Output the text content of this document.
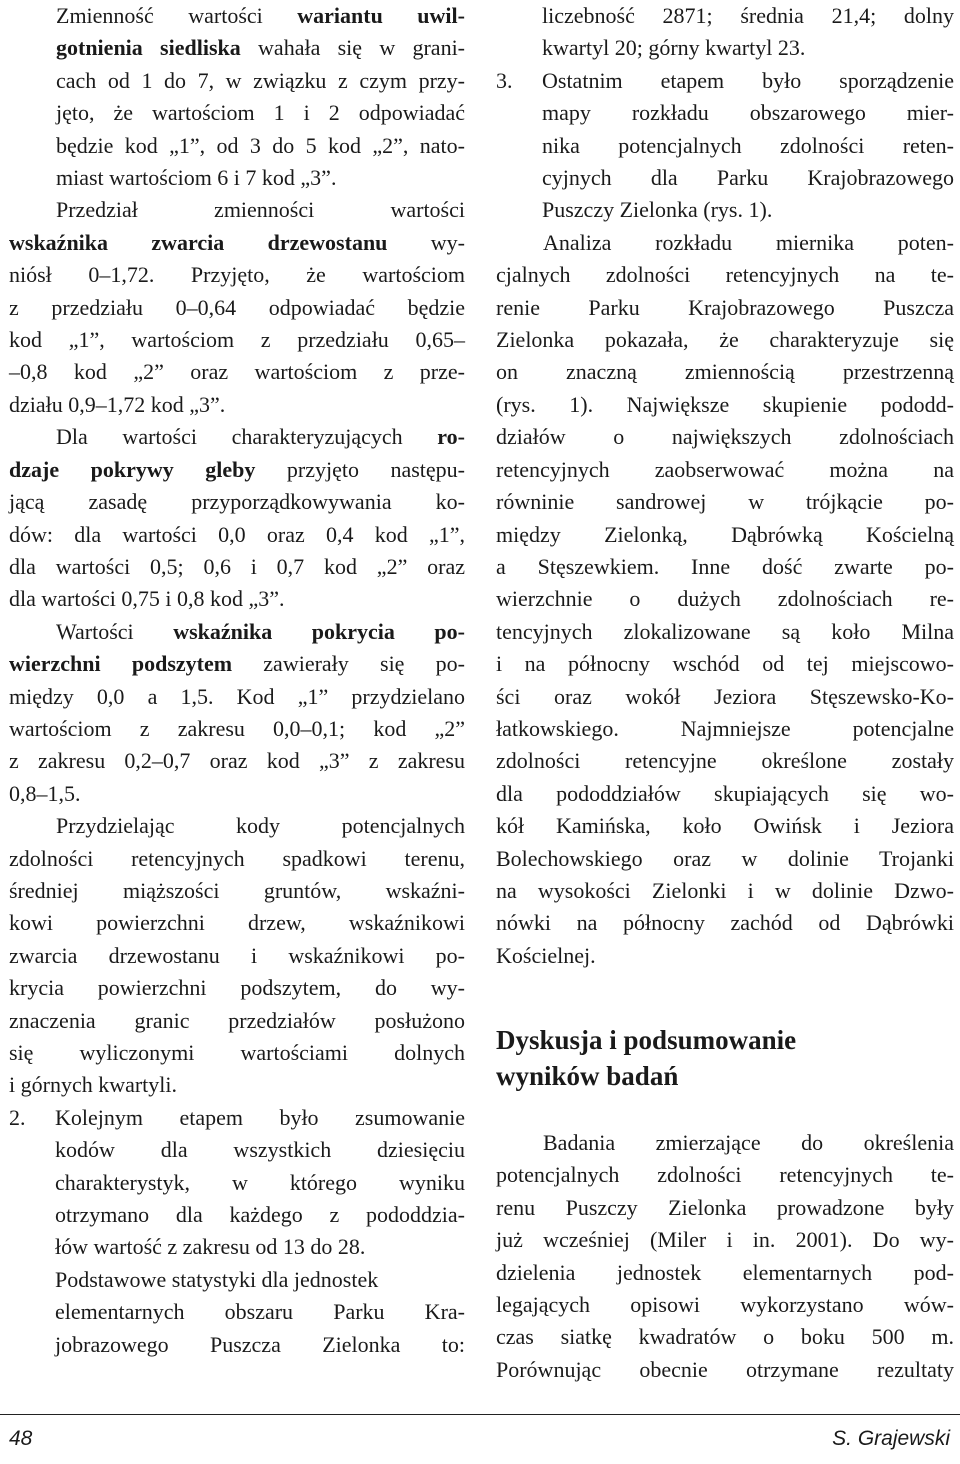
Zmienność wartości wariantu uwil-
gotnienia siedliska wahała się w grani-
cach od 1 do 7, w związku z czym przy-
jęto, że wartościom 1 i 2 odpowiadać
będzie kod „1”, od 3 do 5 kod „2”, nato-
miast wartościom 6 i 7 kod „3”.

Przedział zmienności wartości
wskaźnika zwarcia drzewostanu wy-
niósł 0–1,72. Przyjęto, że wartościom
z przedziału 0–0,64 odpowiadać będzie
kod „1”, wartościom z przedziału 0,65–
–0,8 kod „2” oraz wartościom z prze-
działu 0,9–1,72 kod „3”.

Dla wartości charakteryzujących ro-
dzaje pokrywy gleby przyjęto następu-
jącą zasadę przyporządkowywania ko-
dów: dla wartości 0,0 oraz 0,4 kod „1”,
dla wartości 0,5; 0,6 i 0,7 kod „2” oraz
dla wartości 0,75 i 0,8 kod „3”.

Wartości wskaźnika pokrycia po-
wierzchni podszytem zawierały się po-
między 0,0 a 1,5. Kod „1” przydzielano
wartościom z zakresu 0,0–0,1; kod „2”
z zakresu 0,2–0,7 oraz kod „3” z zakresu
0,8–1,5.

Przydzielając kody potencjalnych
zdolności retencyjnych spadkowi terenu,
średniej miąższości gruntów, wskaźni-
kowi powierzchni drzew, wskaźnikowi
zwarcia drzewostanu i wskaźnikowi po-
krycia powierzchni podszytem, do wy-
znaczenia granic przedziałów posłużono
się wyliczonymi wartościami dolnych
i górnych kwartyli.

2. Kolejnym etapem było zsumowanie
kodów dla wszystkich dziesięciu
charakterystyk, w którego wyniku
otrzymano dla każdego z pododdzia-
łów wartość z zakresu od 13 do 28.
Podstawowe statystyki dla jednostek
elementarnych obszaru Parku Kra-
jobrazowego Puszcza Zielonka to:
liczebność 2871; średnia 21,4; dolny
kwartyl 20; górny kwartyl 23.
3. Ostatnim etapem było sporządzenie
mapy rozkładu obszarowego mier-
nika potencjalnych zdolności reten-
cyjnych dla Parku Krajobrazowego
Puszczy Zielonka (rys. 1).

Analiza rozkładu miernika poten-
cjalnych zdolności retencyjnych na te-
renie Parku Krajobrazowego Puszcza
Zielonka pokazała, że charakteryzuje się
on znaczną zmiennością przestrzenną
(rys. 1). Największe skupienie pododd-
działów o największych zdolnościach
retencyjnych zaobserwować można na
równinie sandrowej w trójkącie po-
między Zielonką, Dąbrówką Kościelną
a Stęszewkiem. Inne dość zwarte po-
wierzchnie o dużych zdolnościach re-
tencyjnych zlokalizowane są koło Milna
i na północny wschód od tej miejscowo-
ści oraz wokół Jeziora Stęszewsko-Ko-
łatkowskiego. Najmniejsze potencjalne
zdolności retencyjne określone zostały
dla pododdziałów skupiających się wo-
kół Kamińska, koło Owińsk i Jeziora
Bolechowskiego oraz w dolinie Trojanki
na wysokości Zielonki i w dolinie Dzwo-
nówki na północny zachód od Dąbrówki
Kościelnej.

Dyskusja i podsumowanie
wyników badań

Badania zmierzające do określenia
potencjalnych zdolności retencyjnych te-
renu Puszczy Zielonka prowadzone były
już wcześniej (Miler i in. 2001). Do wy-
dzielenia jednostek elementarnych pod-
legających opisowi wykorzystano wów-
czas siatkę kwadratów o boku 500 m.
Porównując obecnie otrzymane rezultaty

48	S. Grajewski
